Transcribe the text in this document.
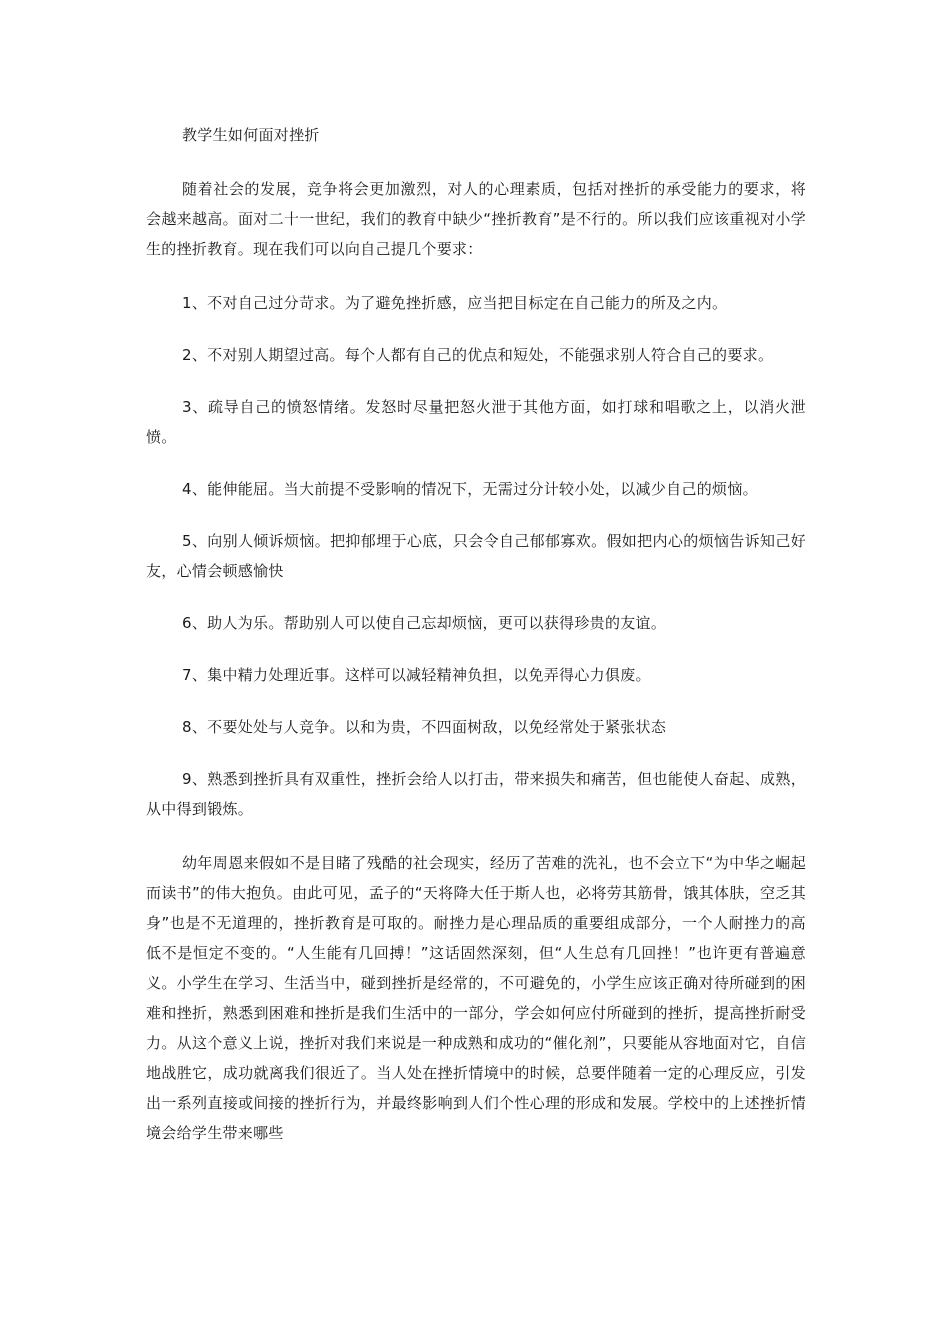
教学生如何面对挫折

随着社会的发展，竞争将会更加激烈，对人的心理素质，包括对挫折的承受能力的要求，将会越来越高。面对二十一世纪，我们的教育中缺少“挫折教育”是不行的。所以我们应该重视对小学生的挫折教育。现在我们可以向自己提几个要求：

1、不对自己过分苛求。为了避免挫折感，应当把目标定在自己能力的所及之内。

2、不对别人期望过高。每个人都有自己的优点和短处，不能强求别人符合自己的要求。

3、疏导自己的愤怒情绪。发怒时尽量把怒火泄于其他方面，如打球和唱歌之上，以消火泄愤。

4、能伸能屈。当大前提不受影响的情况下，无需过分计较小处，以减少自己的烦恼。

5、向别人倾诉烦恼。把抑郁埋于心底，只会令自己郁郁寡欢。假如把内心的烦恼告诉知己好友，心情会顿感愉快

6、助人为乐。帮助别人可以使自己忘却烦恼，更可以获得珍贵的友谊。

7、集中精力处理近事。这样可以减轻精神负担，以免弄得心力俱废。

8、不要处处与人竞争。以和为贵，不四面树敌，以免经常处于紧张状态

9、熟悉到挫折具有双重性，挫折会给人以打击，带来损失和痛苦，但也能使人奋起、成熟，从中得到锻炼。

幼年周恩来假如不是目睹了残酷的社会现实，经历了苦难的洗礼，也不会立下“为中华之崛起而读书”的伟大抱负。由此可见，孟子的“天将降大任于斯人也，必将劳其筋骨，饿其体肤，空乏其身”也是不无道理的，挫折教育是可取的。耐挫力是心理品质的重要组成部分，一个人耐挫力的高低不是恒定不变的。“人生能有几回搏！”这话固然深刻，但“人生总有几回挫！”也许更有普遍意义。小学生在学习、生活当中，碰到挫折是经常的，不可避免的，小学生应该正确对待所碰到的困难和挫折，熟悉到困难和挫折是我们生活中的一部分，学会如何应付所碰到的挫折，提高挫折耐受力。从这个意义上说，挫折对我们来说是一种成熟和成功的“催化剂”，只要能从容地面对它，自信地战胜它，成功就离我们很近了。当人处在挫折情境中的时候，总要伴随着一定的心理反应，引发出一系列直接或间接的挫折行为，并最终影响到人们个性心理的形成和发展。学校中的上述挫折情境会给学生带来哪些
